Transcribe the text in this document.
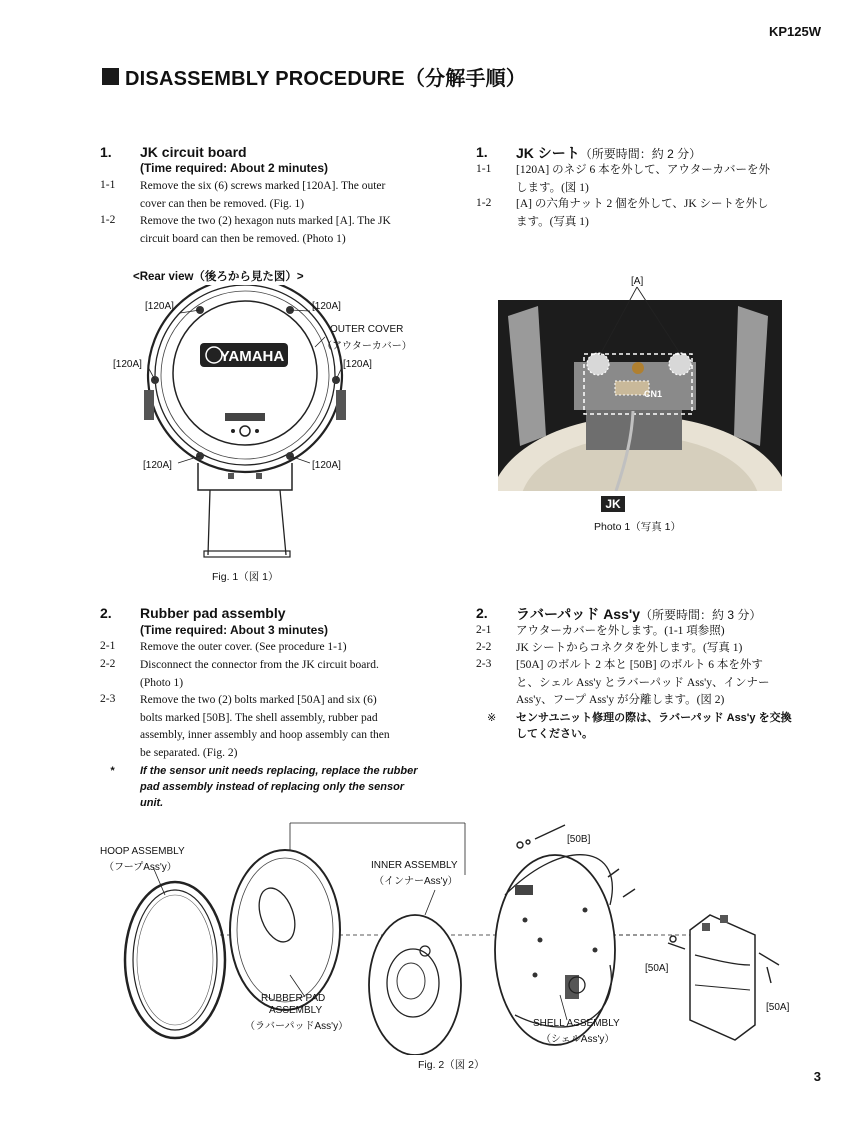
KP125W
DISASSEMBLY PROCEDURE（分解手順）
1. JK circuit board
(Time required: About 2 minutes)
1-1 Remove the six (6) screws marked [120A]. The outer
cover can then be removed. (Fig. 1)
1-2 Remove the two (2) hexagon nuts marked [A]. The JK
circuit board can then be removed. (Photo 1)
1. JK シート（所要時間：約 2 分）
1-1 [120A] のネジ 6 本を外して、アウターカバーを外
します。(図 1)
1-2 [A] の六角ナット 2 個を外して、JK シートを外し
ます。(写真 1)
<Rear view（後ろから見た図）>
YAMAHA
[120A]	[120A]
[120A]	[120A]
[120A]	[120A]
OUTER COVER
（アウターカバー）
Fig. 1（図 1）
[A]
CN1
JK
Photo 1（写真 1）
2. Rubber pad assembly
(Time required: About 3 minutes)
2-1 Remove the outer cover. (See procedure 1-1)
2-2 Disconnect the connector from the JK circuit board.
(Photo 1)
2-3 Remove the two (2) bolts marked [50A] and six (6)
bolts marked [50B]. The shell assembly, rubber pad
assembly, inner assembly and hoop assembly can then
be separated. (Fig. 2)
* If the sensor unit needs replacing, replace the rubber
pad assembly instead of replacing only the sensor
unit.
2. ラバーパッド Ass'y（所要時間：約 3 分）
2-1 アウターカバーを外します。(1-1 項参照)
2-2 JK シートからコネクタを外します。(写真 1)
2-3 [50A] のボルト 2 本と [50B] のボルト 6 本を外す
と、シェル Ass'y とラバーパッド Ass'y、インナー
Ass'y、フープ Ass'y が分離します。(図 2)
※ センサユニット修理の際は、ラバーパッド Ass'y を交換
してください。
HOOP ASSEMBLY
（フープAss'y）	INNER ASSEMBLY
（インナーAss'y）
RUBBER PAD
ASSEMBLY
（ラバーパッドAss'y）	SHELL ASSEMBLY
（シェルAss'y）
[50B]
[50A]
[50A]
Fig. 2（図 2）
3
